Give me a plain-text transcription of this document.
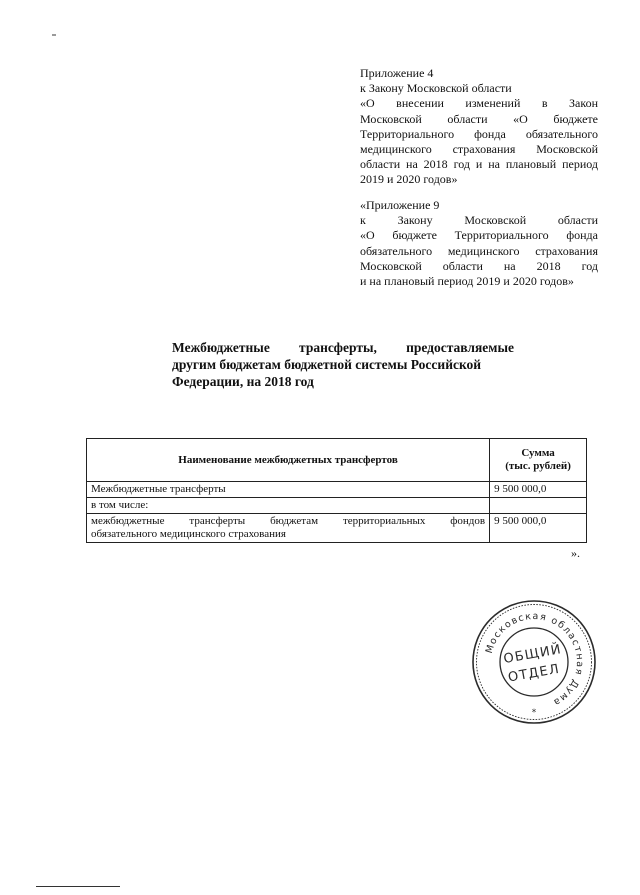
Приложение 4
к Закону Московской области
«О внесении изменений в Закон
Московской области «О бюджете
Территориального фонда обязательного
медицинского страхования Московской
области на 2018 год и на плановый период
2019 и 2020 годов»
«Приложение 9
к Закону Московской области
«О бюджете Территориального фонда
обязательного медицинского страхования
Московской области на 2018 год
и на плановый период 2019 и 2020 годов»
Межбюджетные трансферты, предоставляемые
другим бюджетам бюджетной системы Российской
Федерации, на 2018 год
Наименование межбюджетных трансфертов	Сумма
(тыс. рублей)

Межбюджетные трансферты	9 500 000,0
в том числе:	

межбюджетные трансферты бюджетам территориальных фондов
обязательного медицинского страхования	9 500 000,0
».
Московская областная Дума
ОБЩИЙ
ОТДЕЛ
*
